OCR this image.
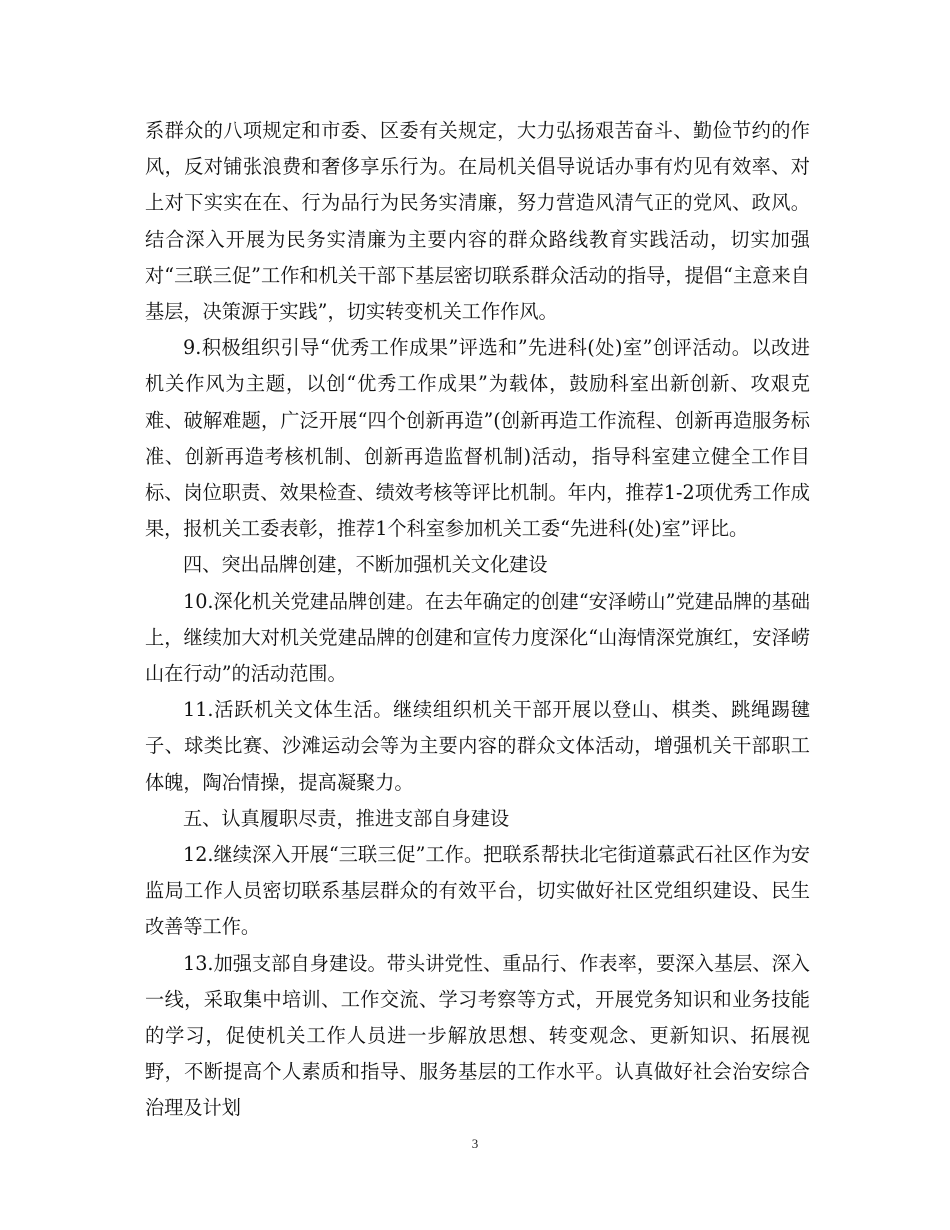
系群众的八项规定和市委、区委有关规定，大力弘扬艰苦奋斗、勤俭节约的作风，反对铺张浪费和奢侈享乐行为。在局机关倡导说话办事有灼见有效率、对上对下实实在在、行为品行为民务实清廉，努力营造风清气正的党风、政风。结合深入开展为民务实清廉为主要内容的群众路线教育实践活动，切实加强对“三联三促”工作和机关干部下基层密切联系群众活动的指导，提倡“主意来自基层，决策源于实践”，切实转变机关工作作风。

9.积极组织引导“优秀工作成果”评选和”先进科(处)室”创评活动。以改进机关作风为主题，以创“优秀工作成果”为载体，鼓励科室出新创新、攻艰克难、破解难题，广泛开展“四个创新再造”(创新再造工作流程、创新再造服务标准、创新再造考核机制、创新再造监督机制)活动，指导科室建立健全工作目标、岗位职责、效果检查、绩效考核等评比机制。年内，推荐1-2项优秀工作成果，报机关工委表彰，推荐1个科室参加机关工委“先进科(处)室”评比。

四、突出品牌创建，不断加强机关文化建设

10.深化机关党建品牌创建。在去年确定的创建“安泽崂山”党建品牌的基础上，继续加大对机关党建品牌的创建和宣传力度深化“山海情深党旗红，安泽崂山在行动”的活动范围。

11.活跃机关文体生活。继续组织机关干部开展以登山、棋类、跳绳踢毽子、球类比赛、沙滩运动会等为主要内容的群众文体活动，增强机关干部职工体魄，陶冶情操，提高凝聚力。

五、认真履职尽责，推进支部自身建设

12.继续深入开展“三联三促”工作。把联系帮扶北宅街道慕武石社区作为安监局工作人员密切联系基层群众的有效平台，切实做好社区党组织建设、民生改善等工作。

13.加强支部自身建设。带头讲党性、重品行、作表率，要深入基层、深入一线，采取集中培训、工作交流、学习考察等方式，开展党务知识和业务技能的学习，促使机关工作人员进一步解放思想、转变观念、更新知识、拓展视野，不断提高个人素质和指导、服务基层的工作水平。认真做好社会治安综合治理及计划

3
